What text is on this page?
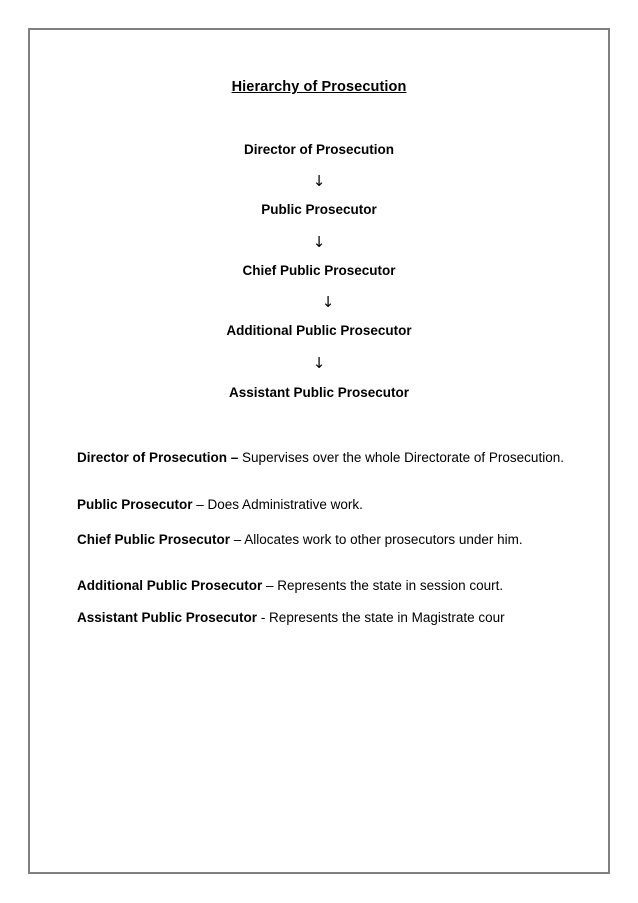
Hierarchy of Prosecution
Director of Prosecution
↓
Public Prosecutor
↓
Chief Public Prosecutor
↓
Additional Public Prosecutor
↓
Assistant Public Prosecutor
Director of Prosecution – Supervises over the whole Directorate of Prosecution.
Public Prosecutor – Does Administrative work.
Chief Public Prosecutor – Allocates work to other prosecutors under him.
Additional Public Prosecutor – Represents the state in session court.
Assistant Public Prosecutor - Represents the state in Magistrate cour
